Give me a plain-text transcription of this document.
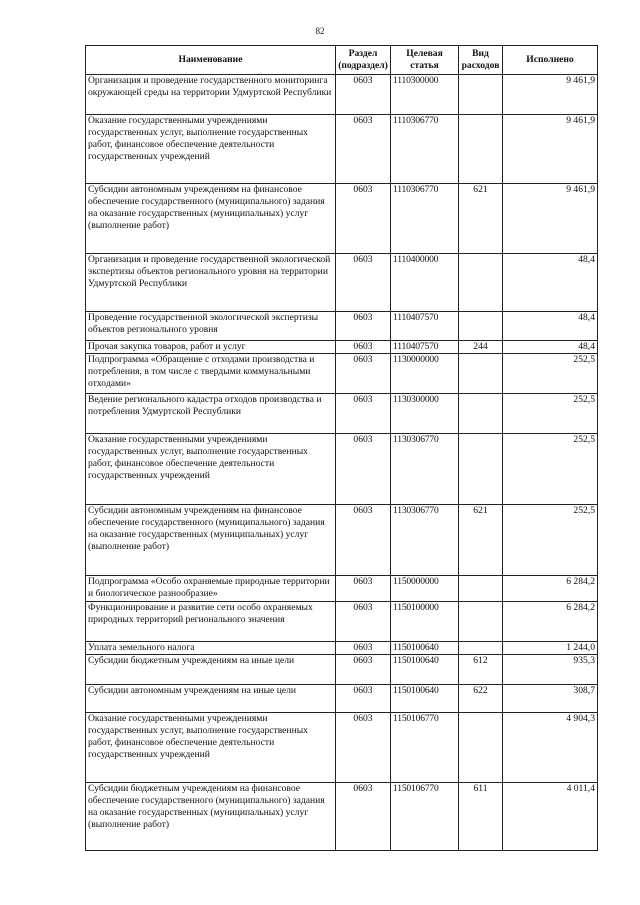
82
Наименование	Раздел (подраздел)	Целевая статья	Вид расходов	Исполнено
Организация и проведение государственного мониторинга окружающей среды на территории Удмуртской Республики	0603	1110300000		9 461,9
Оказание государственными учреждениями государственных услуг, выполнение государственных работ, финансовое обеспечение деятельности государственных учреждений	0603	1110306770		9 461,9
Субсидии автономным учреждениям на финансовое обеспечение государственного (муниципального) задания на оказание государственных (муниципальных) услуг (выполнение работ)	0603	1110306770	621	9 461,9
Организация и проведение государственной экологической экспертизы объектов регионального уровня на территории Удмуртской Республики	0603	1110400000		48,4
Проведение государственной экологической экспертизы объектов регионального уровня	0603	1110407570		48,4
Прочая закупка товаров, работ и услуг	0603	1110407570	244	48,4
Подпрограмма «Обращение с отходами производства и потребления, в том числе с твердыми коммунальными отходами»	0603	1130000000		252,5
Ведение регионального кадастра отходов производства и потребления Удмуртской Республики	0603	1130300000		252,5
Оказание государственными учреждениями государственных услуг, выполнение государственных работ, финансовое обеспечение деятельности государственных учреждений	0603	1130306770		252,5
Субсидии автономным учреждениям на финансовое обеспечение государственного (муниципального) задания на оказание государственных (муниципальных) услуг (выполнение работ)	0603	1130306770	621	252,5
Подпрограмма «Особо охраняемые природные территории и биологическое разнообразие»	0603	1150000000		6 284,2
Функционирование и развитие сети особо охраняемых природных территорий регионального значения	0603	1150100000		6 284,2
Уплата земельного налога	0603	1150100640		1 244,0
Субсидии бюджетным учреждениям на иные цели	0603	1150100640	612	935,3
Субсидии автономным учреждениям на иные цели	0603	1150100640	622	308,7
Оказание государственными учреждениями государственных услуг, выполнение государственных работ, финансовое обеспечение деятельности государственных учреждений	0603	1150106770		4 904,3
Субсидии бюджетным учреждениям на финансовое обеспечение государственного (муниципального) задания на оказание государственных (муниципальных) услуг (выполнение работ)	0603	1150106770	611	4 011,4
